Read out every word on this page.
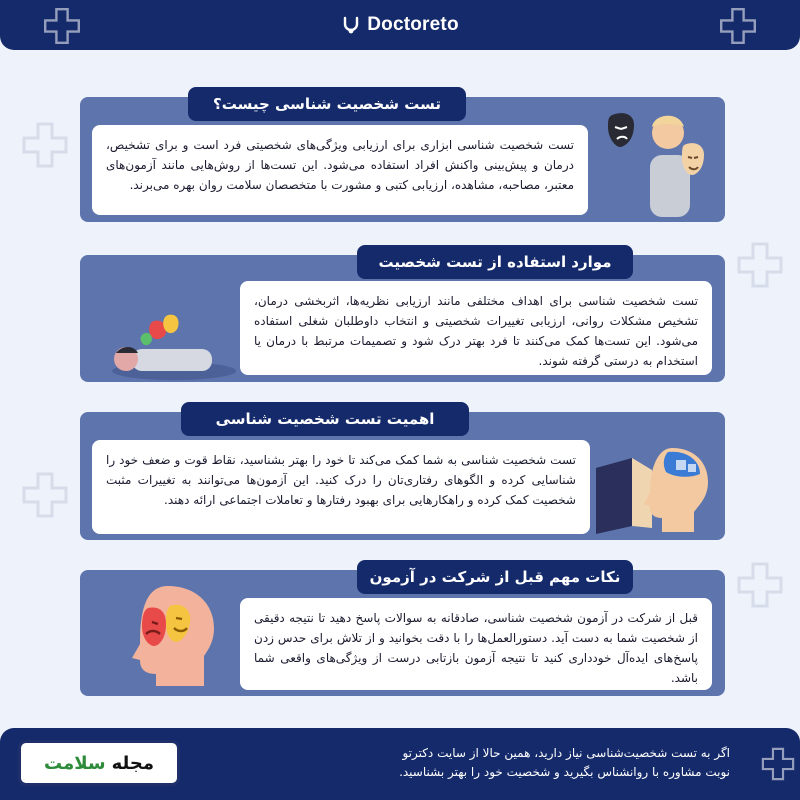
Doctoreto
تست شخصیت شناسی چیست؟
تست شخصیت شناسی ابزاری برای ارزیابی ویژگی‌های شخصیتی فرد است و برای تشخیص، درمان و پیش‌بینی واکنش افراد استفاده می‌شود. این تست‌ها از روش‌هایی مانند آزمون‌های معتبر، مصاحبه، مشاهده، ارزیابی کتبی و مشورت با متخصصان سلامت روان بهره می‌برند.
موارد استفاده از تست شخصیت
تست شخصیت شناسی برای اهداف مختلفی مانند ارزیابی نظریه‌ها، اثربخشی درمان، تشخیص مشکلات روانی، ارزیابی تغییرات شخصیتی و انتخاب داوطلبان شغلی استفاده می‌شود. این تست‌ها کمک می‌کنند تا فرد بهتر درک شود و تصمیمات مرتبط با درمان یا استخدام به درستی گرفته شوند.
اهمیت تست شخصیت شناسی
تست شخصیت شناسی به شما کمک می‌کند تا خود را بهتر بشناسید، نقاط قوت و ضعف خود را شناسایی کرده و الگوهای رفتاری‌تان را درک کنید. این آزمون‌ها می‌توانند به تغییرات مثبت شخصیت کمک کرده و راهکارهایی برای بهبود رفتارها و تعاملات اجتماعی ارائه دهند.
نکات مهم قبل از شرکت در آزمون
قبل از شرکت در آزمون شخصیت شناسی، صادقانه به سوالات پاسخ دهید تا نتیجه دقیقی از شخصیت شما به دست آید. دستورالعمل‌ها را با دقت بخوانید و از تلاش برای حدس زدن پاسخ‌های ایده‌آل خودداری کنید تا نتیجه آزمون بازتابی درست از ویژگی‌های واقعی شما باشد.
اگر به تست شخصیت‌شناسی نیاز دارید، همین حالا از سایت دکترتو
نوبت مشاوره با روانشناس بگیرید و شخصیت خود را بهتر بشناسید.
مجله
سلامت
